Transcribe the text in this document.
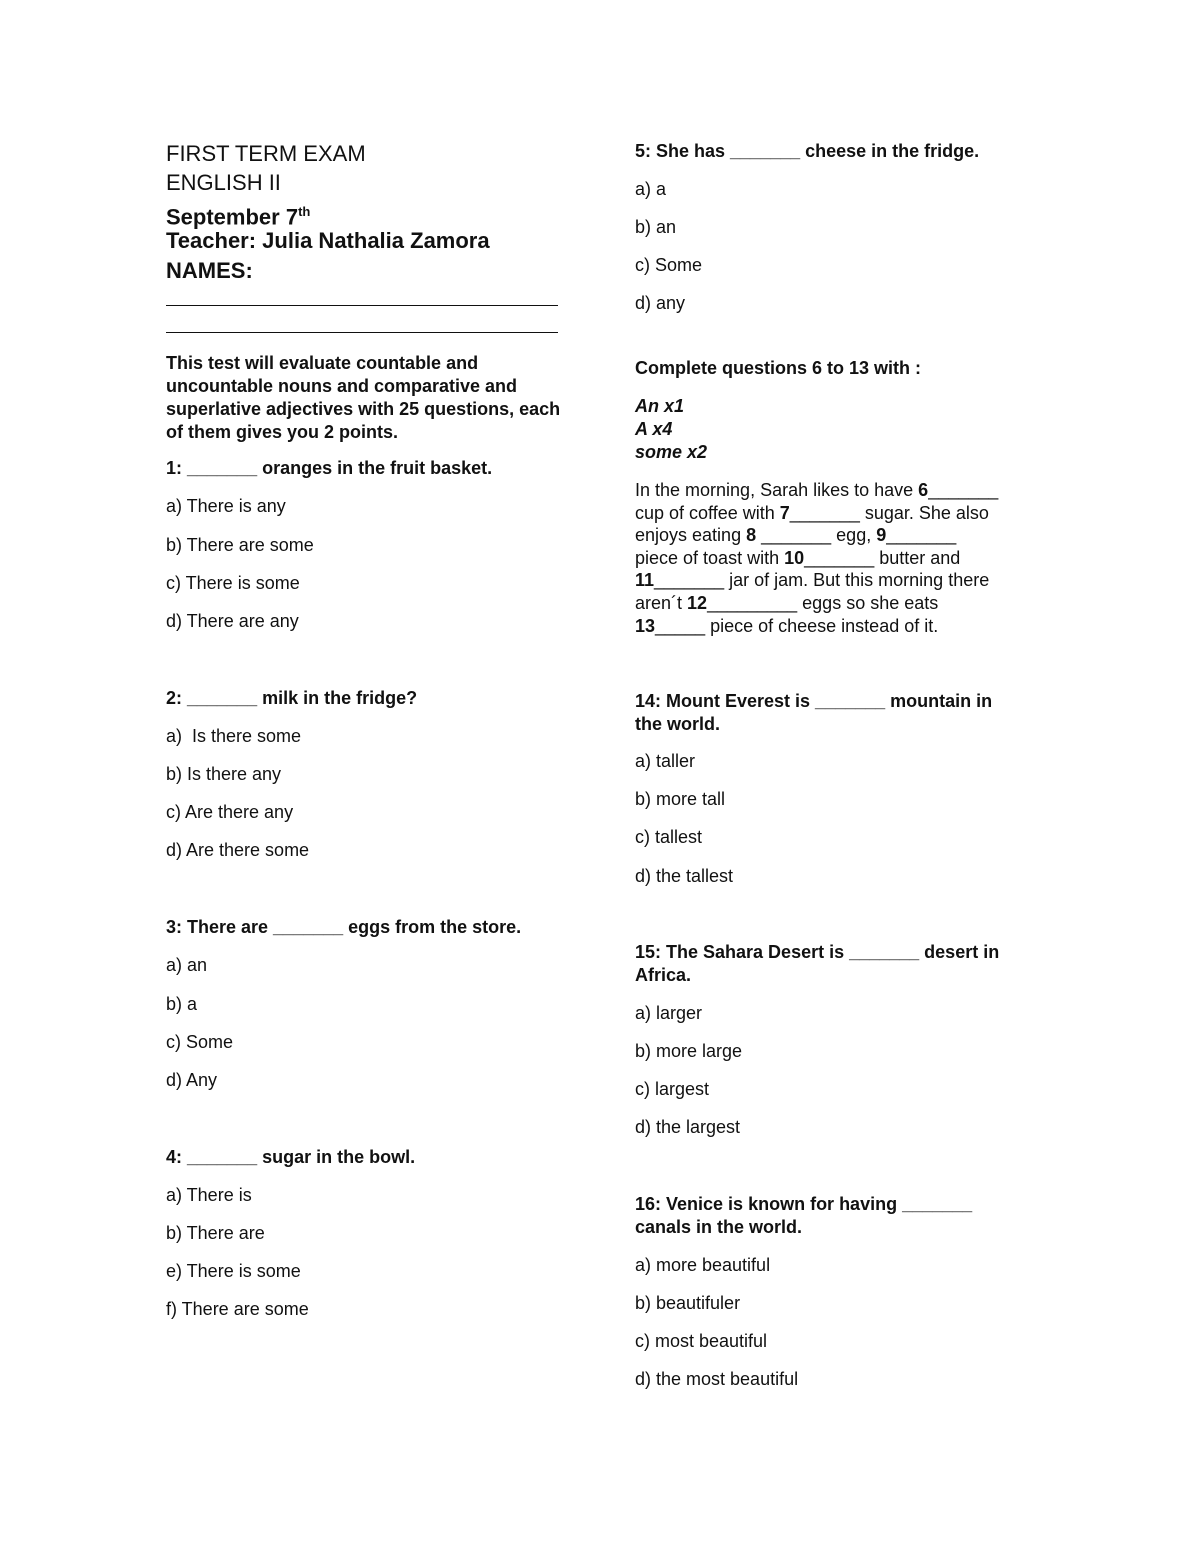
FIRST TERM EXAM
ENGLISH II
September 7th
Teacher: Julia Nathalia Zamora
NAMES:
This test will evaluate countable and uncountable nouns and comparative and superlative adjectives with 25 questions, each of them gives you 2 points.
1: _______ oranges in the fruit basket.
a) There is any
b) There are some
c) There is some
d) There are any
2: _______ milk in the fridge?
a)  Is there some
b) Is there any
c) Are there any
d) Are there some
3: There are _______ eggs from the store.
a) an
b) a
c) Some
d) Any
4: _______ sugar in the bowl.
a) There is
b) There are
e) There is some
f) There are some
5: She has _______ cheese in the fridge.
a) a
b) an
c) Some
d) any
Complete questions 6 to 13 with :
An x1
A x4
some x2
In the morning, Sarah likes to have 6_______
cup of coffee with 7_______ sugar. She also
enjoys eating 8 _______ egg, 9_______
piece of toast with 10_______ butter and
11_______ jar of jam. But this morning there
aren´t 12_________ eggs so she eats
13_____ piece of cheese instead of it.
14: Mount Everest is _______ mountain in
the world.
a) taller
b) more tall
c) tallest
d) the tallest
15: The Sahara Desert is _______ desert in
Africa.
a) larger
b) more large
c) largest
d) the largest
16: Venice is known for having _______
canals in the world.
a) more beautiful
b) beautifuler
c) most beautiful
d) the most beautiful
